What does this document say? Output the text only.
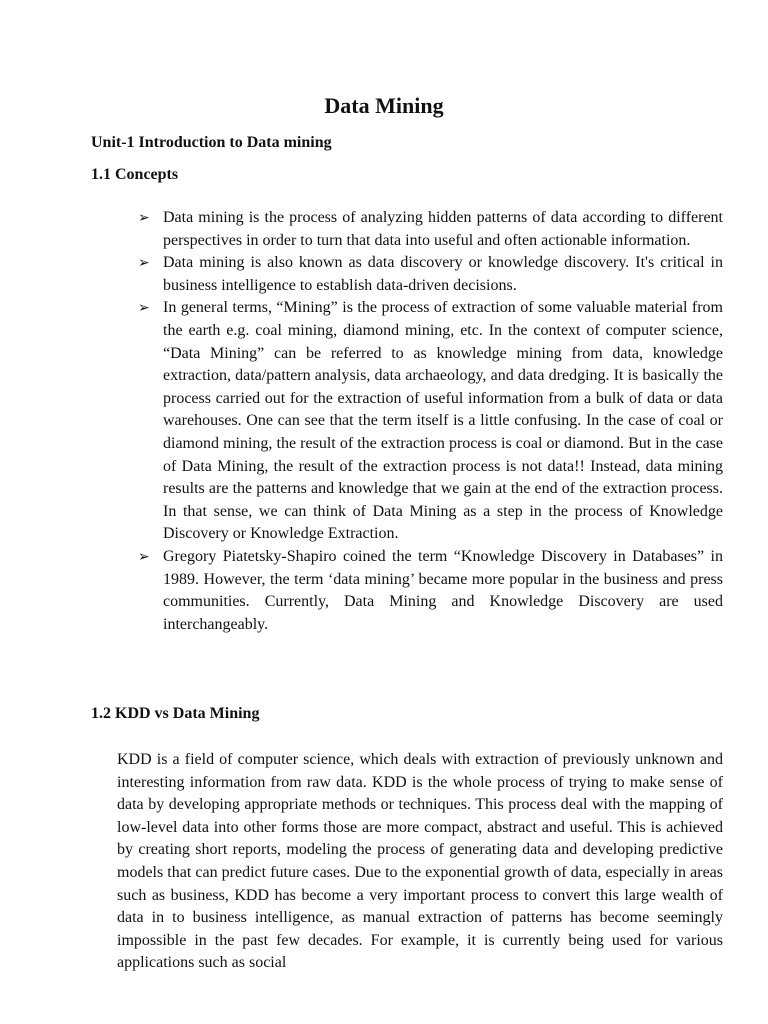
Data Mining
Unit-1 Introduction to Data mining
1.1 Concepts
➢ Data mining is the process of analyzing hidden patterns of data according to different perspectives in order to turn that data into useful and often actionable information.
➢ Data mining is also known as data discovery or knowledge discovery. It's critical in business intelligence to establish data-driven decisions.
➢ In general terms, “Mining” is the process of extraction of some valuable material from the earth e.g. coal mining, diamond mining, etc. In the context of computer science, “Data Mining” can be referred to as knowledge mining from data, knowledge extraction, data/pattern analysis, data archaeology, and data dredging. It is basically the process carried out for the extraction of useful information from a bulk of data or data warehouses. One can see that the term itself is a little confusing. In the case of coal or diamond mining, the result of the extraction process is coal or diamond. But in the case of Data Mining, the result of the extraction process is not data!! Instead, data mining results are the patterns and knowledge that we gain at the end of the extraction process. In that sense, we can think of Data Mining as a step in the process of Knowledge Discovery or Knowledge Extraction.
➢ Gregory Piatetsky-Shapiro coined the term “Knowledge Discovery in Databases” in 1989. However, the term ‘data mining’ became more popular in the business and press communities. Currently, Data Mining and Knowledge Discovery are used interchangeably.
1.2 KDD vs Data Mining

KDD is a field of computer science, which deals with extraction of previously unknown and interesting information from raw data. KDD is the whole process of trying to make sense of data by developing appropriate methods or techniques. This process deal with the mapping of low-level data into other forms those are more compact, abstract and useful. This is achieved by creating short reports, modeling the process of generating data and developing predictive models that can predict future cases. Due to the exponential growth of data, especially in areas such as business, KDD has become a very important process to convert this large wealth of data in to business intelligence, as manual extraction of patterns has become seemingly impossible in the past few decades. For example, it is currently being used for various applications such as social
